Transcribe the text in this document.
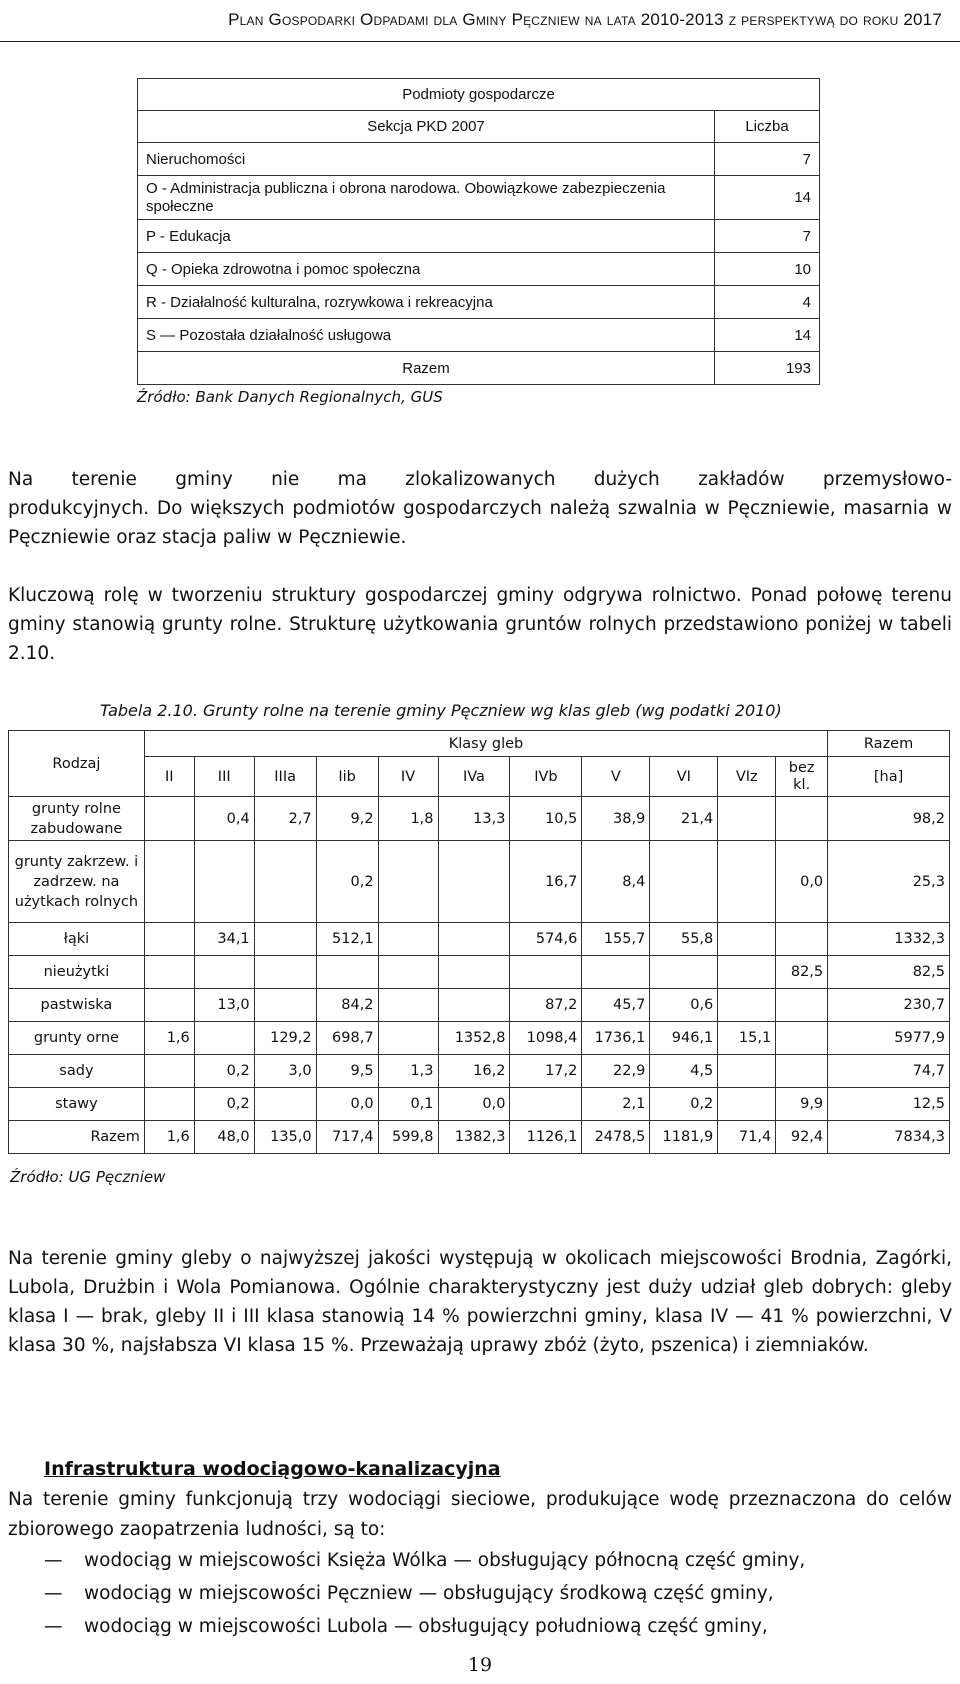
Plan Gospodarki Odpadami dla Gminy Pęczniew na lata 2010-2013 z perspektywą do roku 2017
Podmioty gospodarcze	
Sekcja PKD 2007	Liczba
Nieruchomości	7
O - Administracja publiczna i obrona narodowa. Obowiązkowe zabezpieczenia społeczne	14
P - Edukacja	7
Q - Opieka zdrowotna i pomoc społeczna	10
R - Działalność kulturalna, rozrywkowa i rekreacyjna	4
S — Pozostała działalność usługowa	14
Razem	193
Źródło: Bank Danych Regionalnych, GUS
Na terenie gminy nie ma zlokalizowanych dużych zakładów przemysłowo-
produkcyjnych. Do większych podmiotów gospodarczych należą szwalnia w Pęczniewie, masarnia w Pęczniewie oraz stacja paliw w Pęczniewie.
Kluczową rolę w tworzeniu struktury gospodarczej gminy odgrywa rolnictwo. Ponad połowę terenu gminy stanowią grunty rolne. Strukturę użytkowania gruntów rolnych przedstawiono poniżej w tabeli 2.10.
Tabela 2.10. Grunty rolne na terenie gminy Pęczniew wg klas gleb (wg podatki 2010)
Rodzaj	Klasy gleb											Razem
	II	III	IIIa	Iib	IV	IVa	IVb	V	VI	VIz	bez kl.	[ha]
grunty rolne zabudowane		0,4	2,7	9,2	1,8	13,3	10,5	38,9	21,4			98,2
grunty zakrzew. i zadrzew. na użytkach rolnych				0,2			16,7	8,4			0,0	25,3
łąki		34,1		512,1			574,6	155,7	55,8			1332,3
nieużytki											82,5	82,5
pastwiska		13,0		84,2			87,2	45,7	0,6			230,7
grunty orne	1,6		129,2	698,7		1352,8	1098,4	1736,1	946,1	15,1		5977,9
sady		0,2	3,0	9,5	1,3	16,2	17,2	22,9	4,5			74,7
stawy		0,2		0,0	0,1	0,0		2,1	0,2		9,9	12,5
Razem	1,6	48,0	135,0	717,4	599,8	1382,3	1126,1	2478,5	1181,9	71,4	92,4	7834,3
Źródło: UG Pęczniew
Na terenie gminy gleby o najwyższej jakości występują w okolicach miejscowości Brodnia, Zagórki, Lubola, Drużbin i Wola Pomianowa. Ogólnie charakterystyczny jest duży udział gleb dobrych: gleby klasa I — brak, gleby II i III klasa stanowią 14 % powierzchni gminy, klasa IV — 41 % powierzchni, V klasa 30 %, najsłabsza VI klasa 15 %. Przeważają uprawy zbóż (żyto, pszenica) i ziemniaków.
Infrastruktura wodociągowo-kanalizacyjna
Na terenie gminy funkcjonują trzy wodociągi sieciowe, produkujące wodę przeznaczona do celów zbiorowego zaopatrzenia ludności, są to:
—	wodociąg w miejscowości Księża Wólka — obsługujący północną część gminy,
—	wodociąg w miejscowości Pęczniew — obsługujący środkową część gminy,
—	wodociąg w miejscowości Lubola — obsługujący południową część gminy,
19
